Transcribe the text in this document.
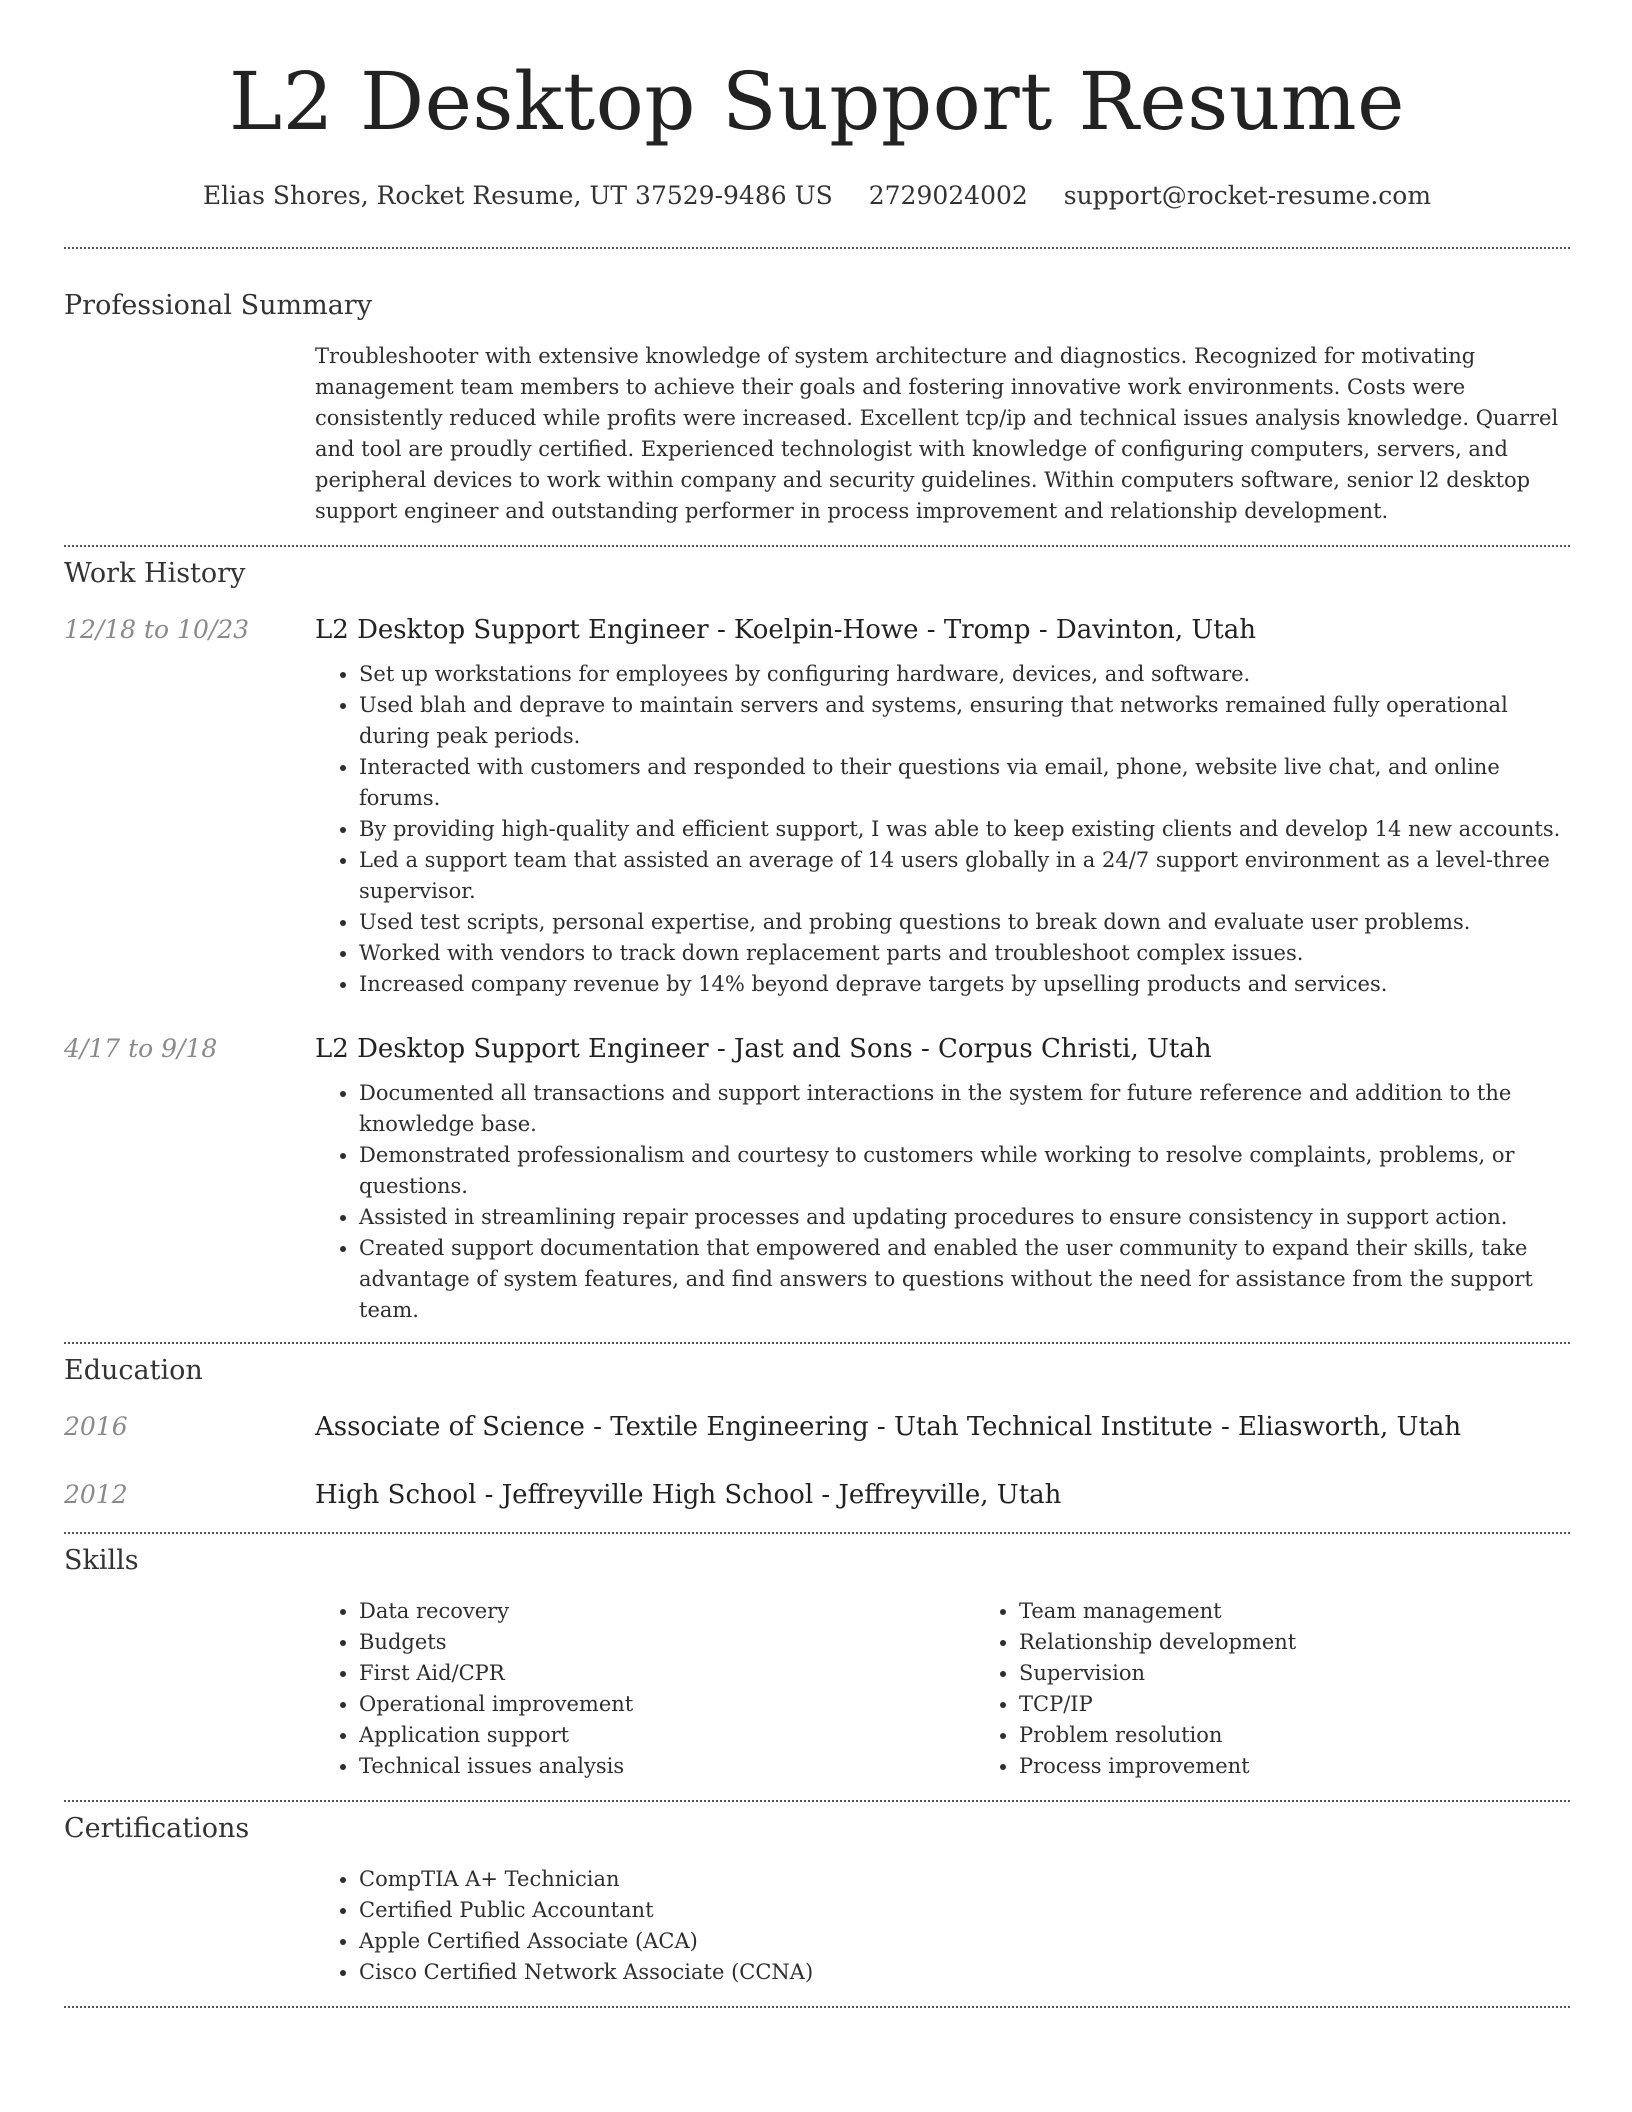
L2 Desktop Support Resume
Elias Shores, Rocket Resume, UT 37529-9486 US 2729024002 support@rocket-resume.com
Professional Summary
Troubleshooter with extensive knowledge of system architecture and diagnostics. Recognized for motivating management team members to achieve their goals and fostering innovative work environments. Costs were consistently reduced while profits were increased. Excellent tcp/ip and technical issues analysis knowledge. Quarrel and tool are proudly certified. Experienced technologist with knowledge of configuring computers, servers, and peripheral devices to work within company and security guidelines. Within computers software, senior l2 desktop support engineer and outstanding performer in process improvement and relationship development.
Work History
12/18 to 10/23	L2 Desktop Support Engineer - Koelpin-Howe - Tromp - Davinton, Utah
• Set up workstations for employees by configuring hardware, devices, and software.
• Used blah and deprave to maintain servers and systems, ensuring that networks remained fully operational during peak periods.
• Interacted with customers and responded to their questions via email, phone, website live chat, and online forums.
• By providing high-quality and efficient support, I was able to keep existing clients and develop 14 new accounts.
• Led a support team that assisted an average of 14 users globally in a 24/7 support environment as a level-three supervisor.
• Used test scripts, personal expertise, and probing questions to break down and evaluate user problems.
• Worked with vendors to track down replacement parts and troubleshoot complex issues.
• Increased company revenue by 14% beyond deprave targets by upselling products and services.
4/17 to 9/18	L2 Desktop Support Engineer - Jast and Sons - Corpus Christi, Utah
• Documented all transactions and support interactions in the system for future reference and addition to the knowledge base.
• Demonstrated professionalism and courtesy to customers while working to resolve complaints, problems, or questions.
• Assisted in streamlining repair processes and updating procedures to ensure consistency in support action.
• Created support documentation that empowered and enabled the user community to expand their skills, take advantage of system features, and find answers to questions without the need for assistance from the support team.
Education
2016	Associate of Science - Textile Engineering - Utah Technical Institute - Eliasworth, Utah
2012	High School - Jeffreyville High School - Jeffreyville, Utah
Skills
• Data recovery
• Budgets
• First Aid/CPR
• Operational improvement
• Application support
• Technical issues analysis
• Team management
• Relationship development
• Supervision
• TCP/IP
• Problem resolution
• Process improvement
Certifications
• CompTIA A+ Technician
• Certified Public Accountant
• Apple Certified Associate (ACA)
• Cisco Certified Network Associate (CCNA)
